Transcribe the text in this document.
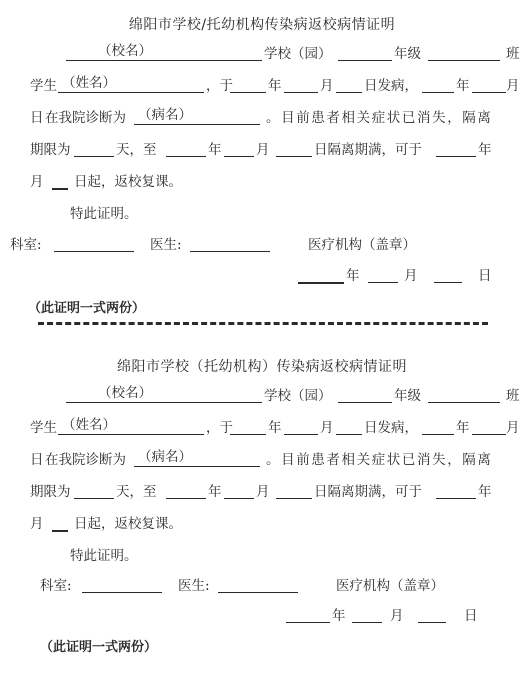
绵阳市学校/托幼机构传染病返校病情证明
（校名）	学校（园）	年级	班
学生 （姓名）	，于	年	月 日发病，	年	月
日 在我院诊断为 （病名）	。目前患者相关症状已消失，隔离
期限为	天，至	年	月	日隔离期满，可于	年
月 日起，返校复课。
特此证明。
科室:	医生:	医疗机构（盖章）
年	月	日
（此证明一式两份）
绵阳市学校（托幼机构）传染病返校病情证明
（校名）	学校（园）	年级	班
学生 （姓名）	，于	年	月 日发病，	年	月
日 在我院诊断为 （病名）	。目前患者相关症状已消失，隔离
期限为	天，至	年	月	日隔离期满，可于	年
月 日起，返校复课。
特此证明。
科室:	医生:	医疗机构（盖章）
年	月	日
（此证明一式两份）
